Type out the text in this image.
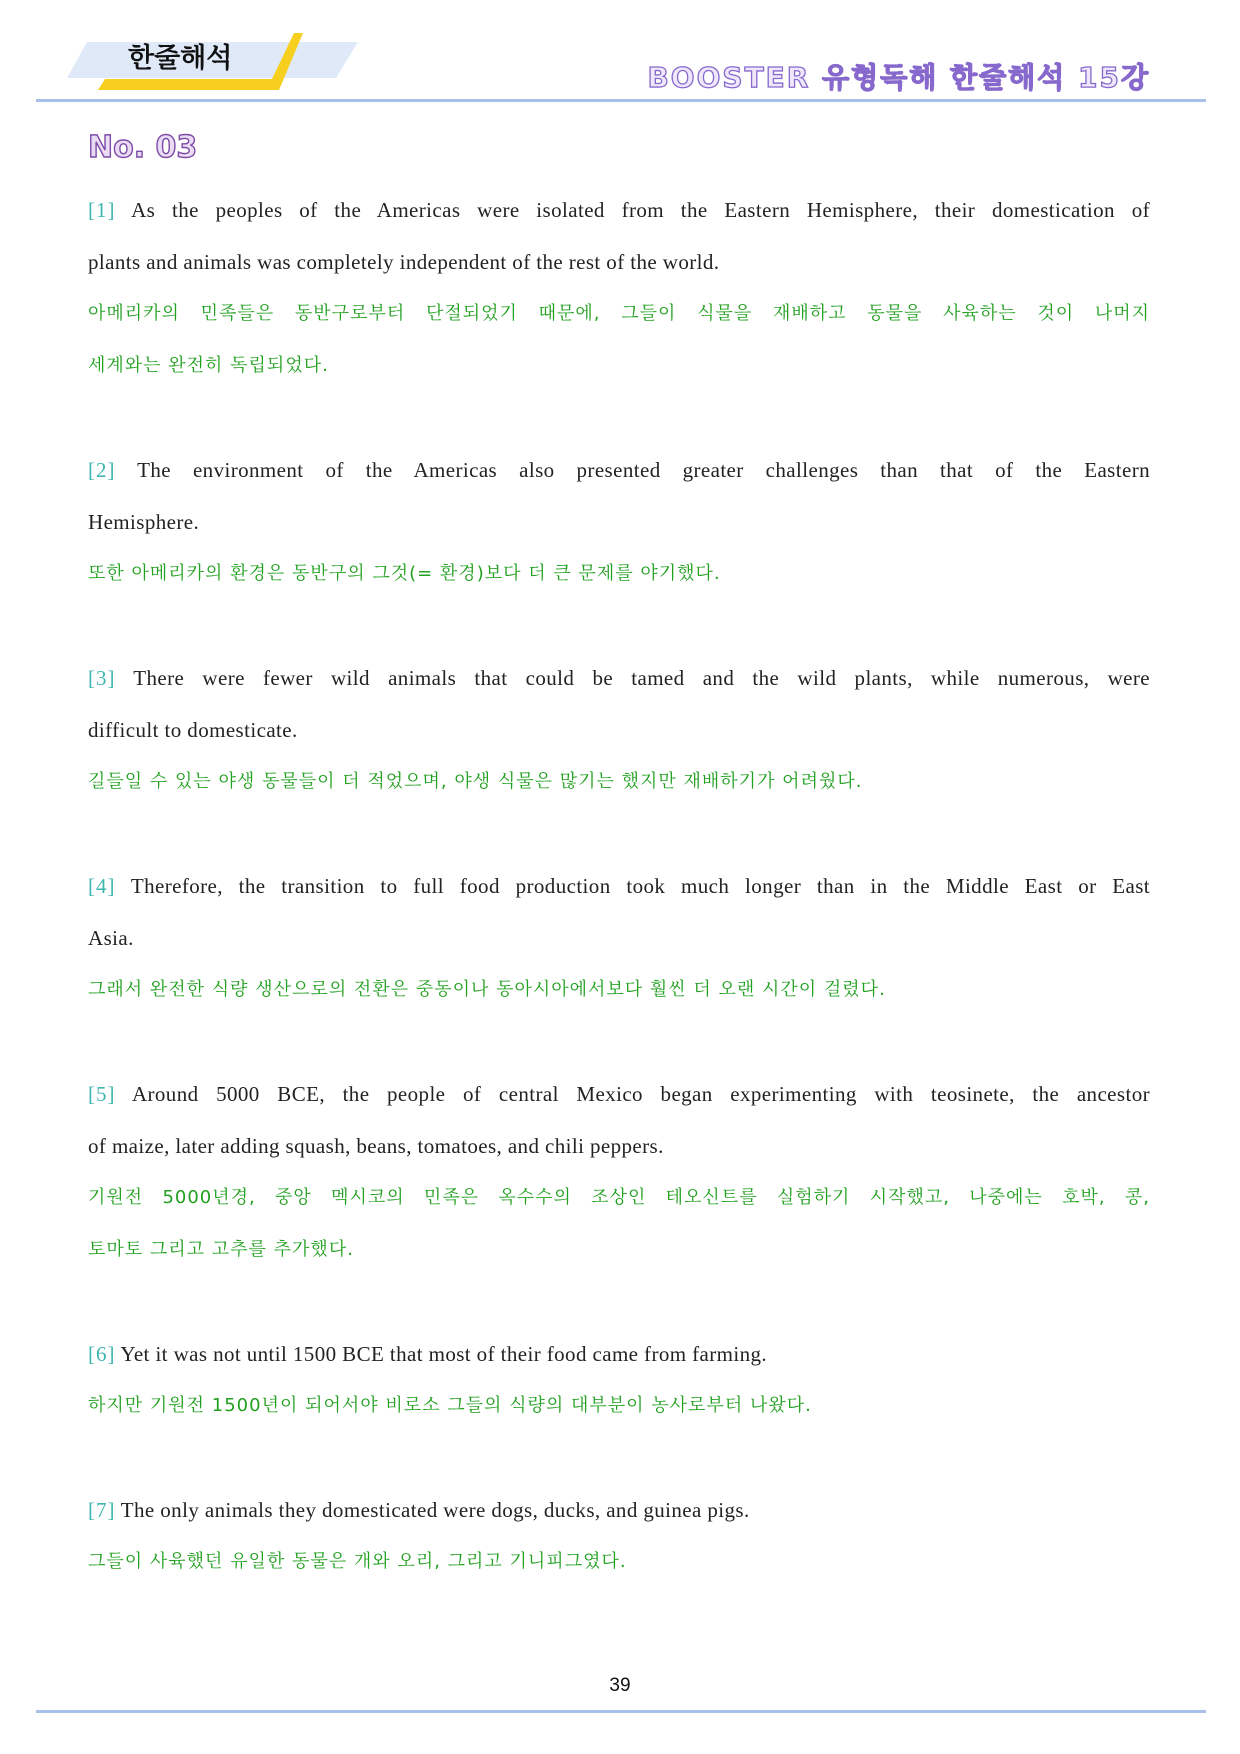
한줄해석
BOOSTER 유형독해 한줄해석 15강
No. 03
[1] As the peoples of the Americas were isolated from the Eastern Hemisphere, their domestication of
plants and animals was completely independent of the rest of the world.
아메리카의 민족들은 동반구로부터 단절되었기 때문에, 그들이 식물을 재배하고 동물을 사육하는 것이 나머지
세계와는 완전히 독립되었다.
[2] The environment of the Americas also presented greater challenges than that of the Eastern
Hemisphere.
또한 아메리카의 환경은 동반구의 그것(= 환경)보다 더 큰 문제를 야기했다.
[3] There were fewer wild animals that could be tamed and the wild plants, while numerous, were
difficult to domesticate.
길들일 수 있는 야생 동물들이 더 적었으며, 야생 식물은 많기는 했지만 재배하기가 어려웠다.
[4] Therefore, the transition to full food production took much longer than in the Middle East or East
Asia.
그래서 완전한 식량 생산으로의 전환은 중동이나 동아시아에서보다 훨씬 더 오랜 시간이 걸렸다.
[5] Around 5000 BCE, the people of central Mexico began experimenting with teosinete, the ancestor
of maize, later adding squash, beans, tomatoes, and chili peppers.
기원전 5000년경, 중앙 멕시코의 민족은 옥수수의 조상인 테오신트를 실험하기 시작했고, 나중에는 호박, 콩,
토마토 그리고 고추를 추가했다.
[6] Yet it was not until 1500 BCE that most of their food came from farming.
하지만 기원전 1500년이 되어서야 비로소 그들의 식량의 대부분이 농사로부터 나왔다.
[7] The only animals they domesticated were dogs, ducks, and guinea pigs.
그들이 사육했던 유일한 동물은 개와 오리, 그리고 기니피그였다.
39
